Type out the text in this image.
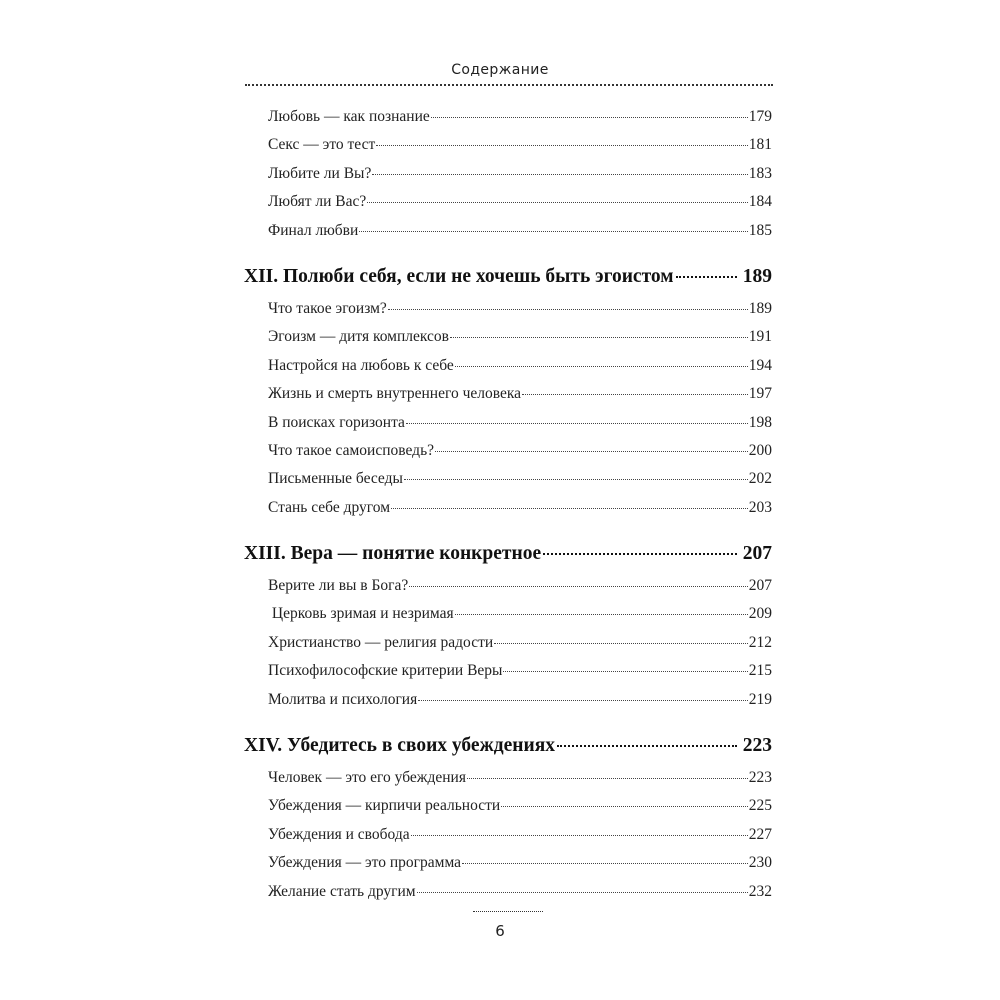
Содержание
Любовь — как познание	179
Секс — это тест	181
Любите ли Вы?	183
Любят ли Вас?	184
Финал любви	185
XII. Полюби себя, если не хочешь быть эгоистом	189
Что такое эгоизм?	189
Эгоизм — дитя комплексов	191
Настройся на любовь к себе	194
Жизнь и смерть внутреннего человека	197
В поисках горизонта	198
Что такое самоисповедь?	200
Письменные беседы	202
Стань себе другом	203
XIII. Вера — понятие конкретное	207
Верите ли вы в Бога?	207
Церковь зримая и незримая	209
Христианство — религия радости	212
Психофилософские критерии Веры	215
Молитва и психология	219
XIV. Убедитесь в своих убеждениях	223
Человек — это его убеждения	223
Убеждения — кирпичи реальности	225
Убеждения и свобода	227
Убеждения — это программа	230
Желание стать другим	232
6
